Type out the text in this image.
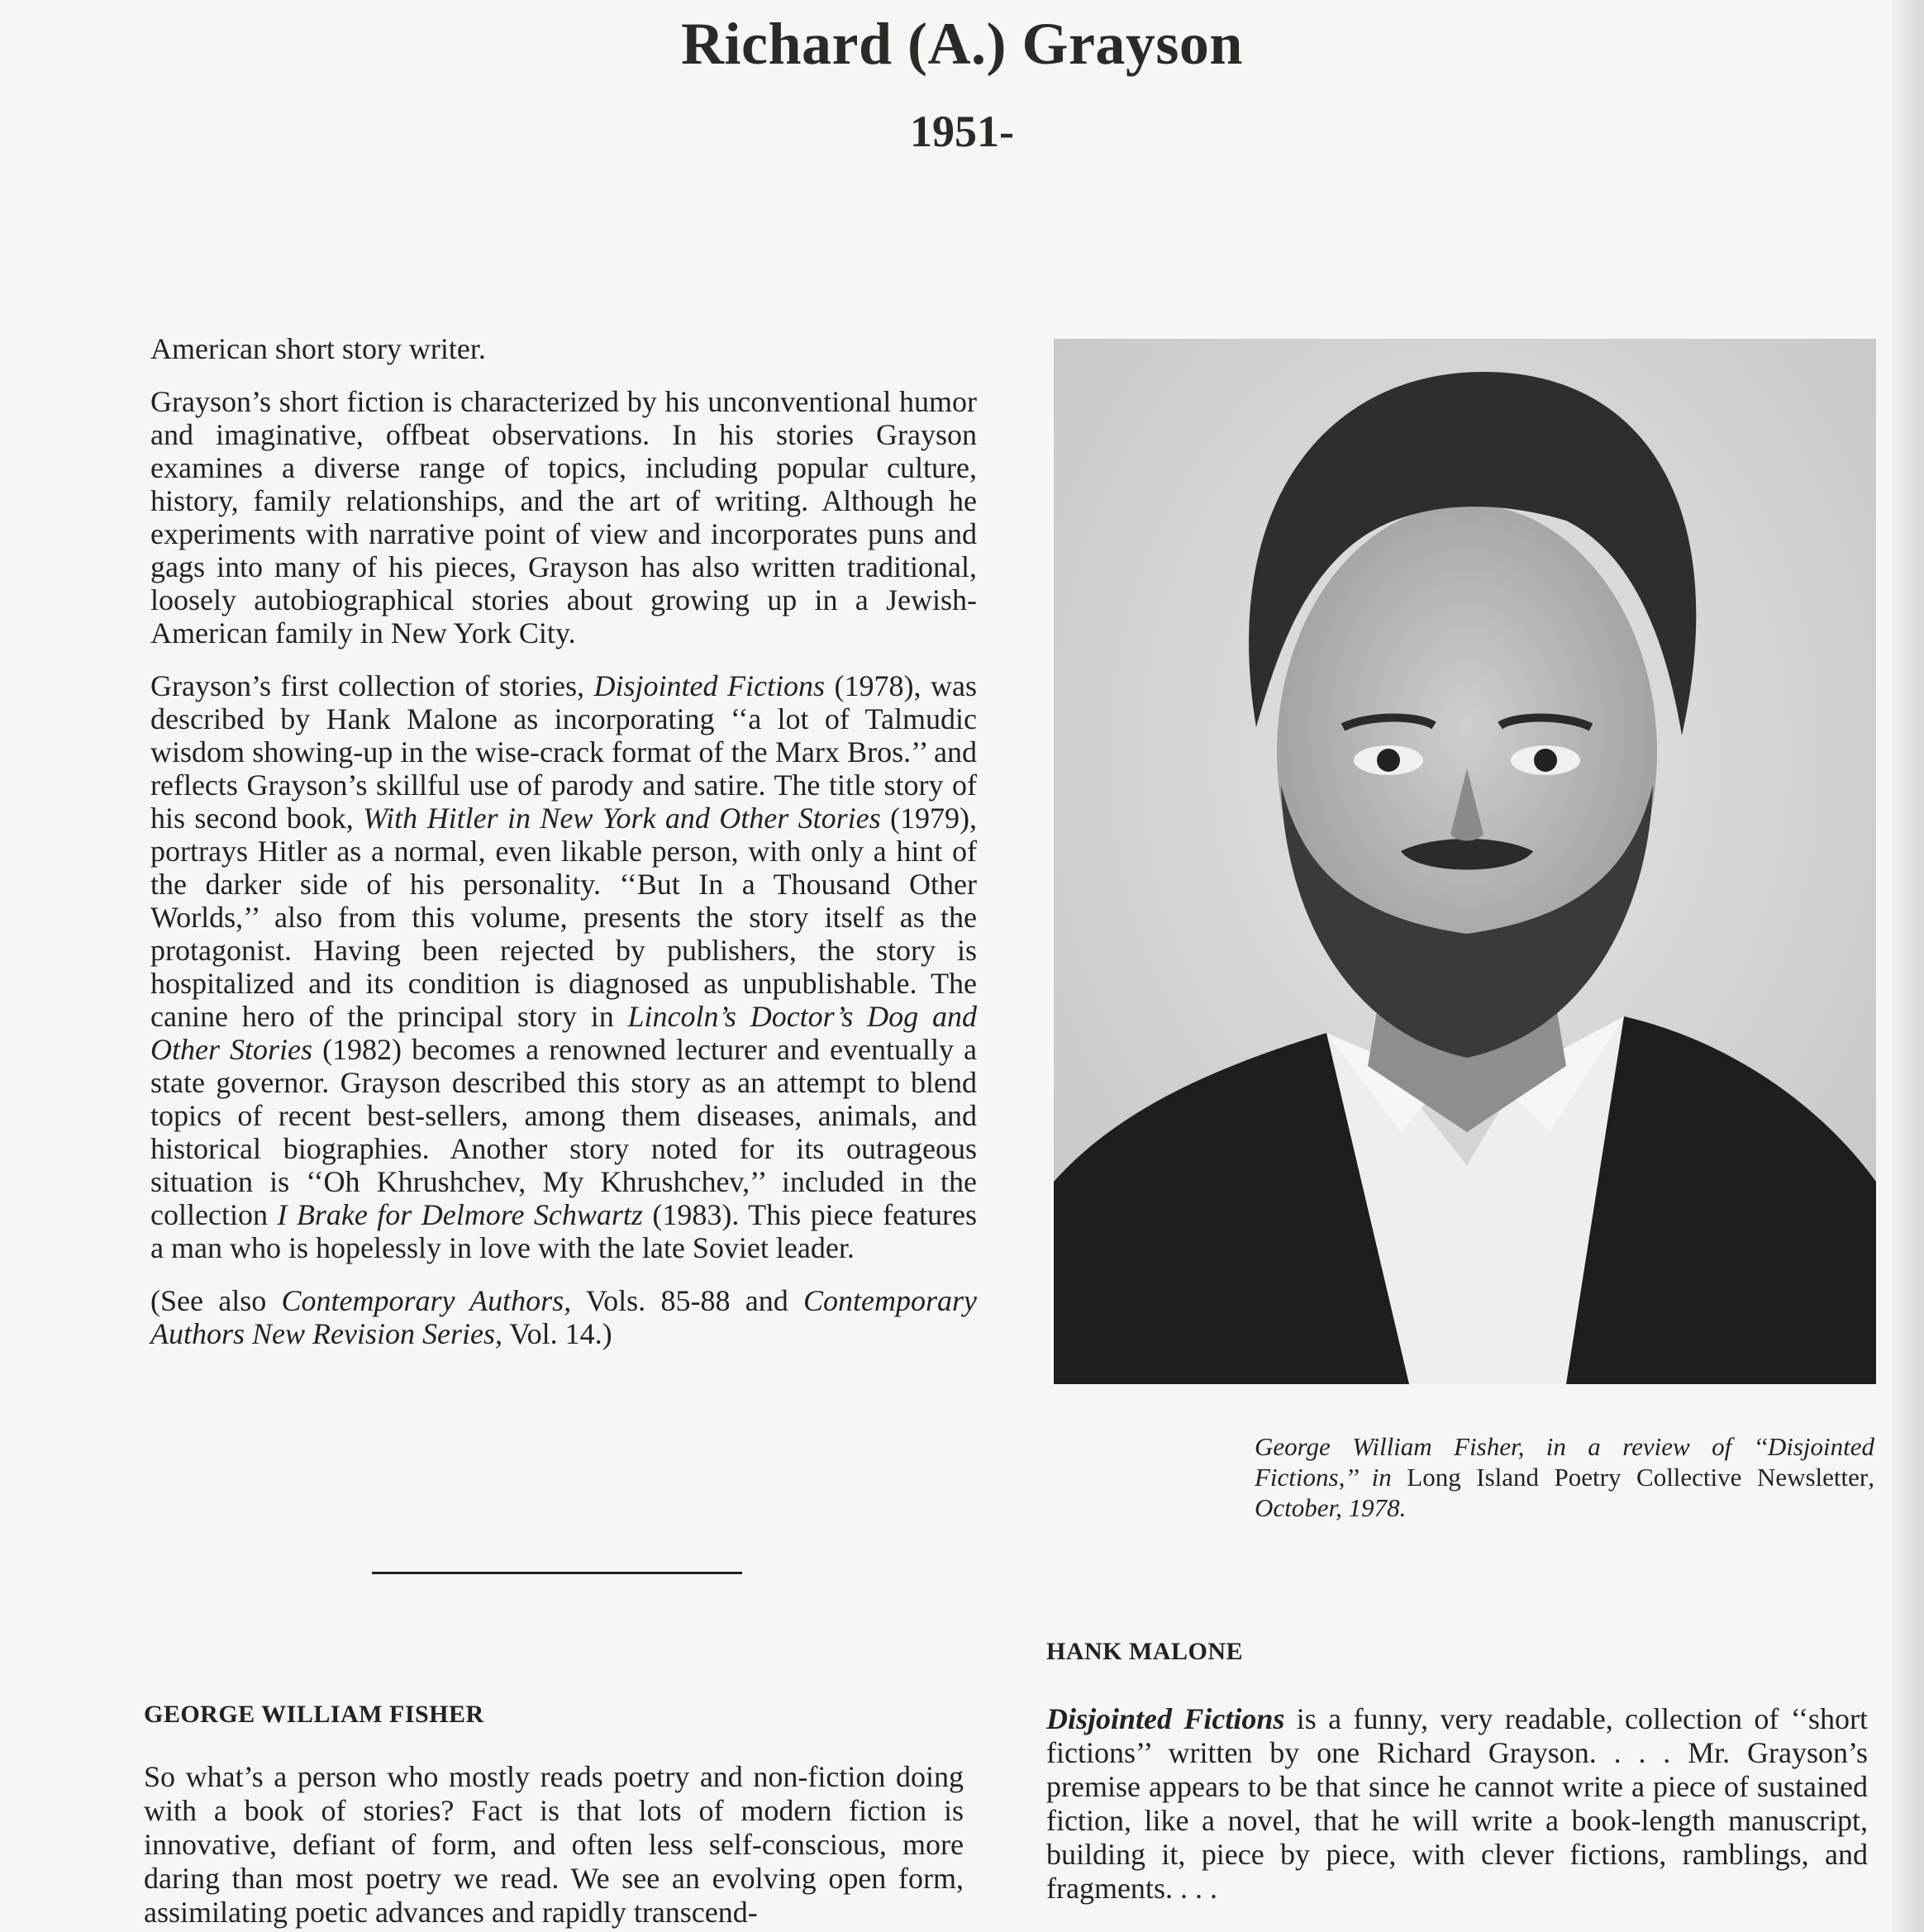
Richard (A.) Grayson
1951-

American short story writer.

Grayson’s short fiction is characterized by his unconventional humor and imaginative, offbeat observations. In his stories Grayson examines a diverse range of topics, including popular culture, history, family relationships, and the art of writing. Although he experiments with narrative point of view and incorporates puns and gags into many of his pieces, Grayson has also written traditional, loosely autobiographical stories about growing up in a Jewish-American family in New York City.

Grayson’s first collection of stories, Disjointed Fictions (1978), was described by Hank Malone as incorporating ‘‘a lot of Talmudic wisdom showing-up in the wise-crack format of the Marx Bros.’’ and reflects Grayson’s skillful use of parody and satire. The title story of his second book, With Hitler in New York and Other Stories (1979), portrays Hitler as a normal, even likable person, with only a hint of the darker side of his personality. ‘‘But In a Thousand Other Worlds,’’ also from this volume, presents the story itself as the protagonist. Having been rejected by publishers, the story is hospitalized and its condition is diagnosed as unpublishable. The canine hero of the principal story in Lincoln’s Doctor’s Dog and Other Stories (1982) becomes a renowned lecturer and eventually a state governor. Grayson described this story as an attempt to blend topics of recent best-sellers, among them diseases, animals, and historical biographies. Another story noted for its outrageous situation is ‘‘Oh Khrushchev, My Khrushchev,’’ included in the collection I Brake for Delmore Schwartz (1983). This piece features a man who is hopelessly in love with the late Soviet leader.

(See also Contemporary Authors, Vols. 85-88 and Contemporary Authors New Revision Series, Vol. 14.)

George William Fisher, in a review of ‘‘Disjointed Fictions,’’ in Long Island Poetry Collective Newsletter, October, 1978.
HANK MALONE

Disjointed Fictions is a funny, very readable, collection of ‘‘short fictions’’ written by one Richard Grayson. . . . Mr. Grayson’s premise appears to be that since he cannot write a piece of sustained fiction, like a novel, that he will write a book-length manuscript, building it, piece by piece, with clever fictions, ramblings, and fragments. . . .

GEORGE WILLIAM FISHER

So what’s a person who mostly reads poetry and non-fiction doing with a book of stories? Fact is that lots of modern fiction is innovative, defiant of form, and often less self-conscious, more daring than most poetry we read. We see an evolving open form, assimilating poetic advances and rapidly transcend-
